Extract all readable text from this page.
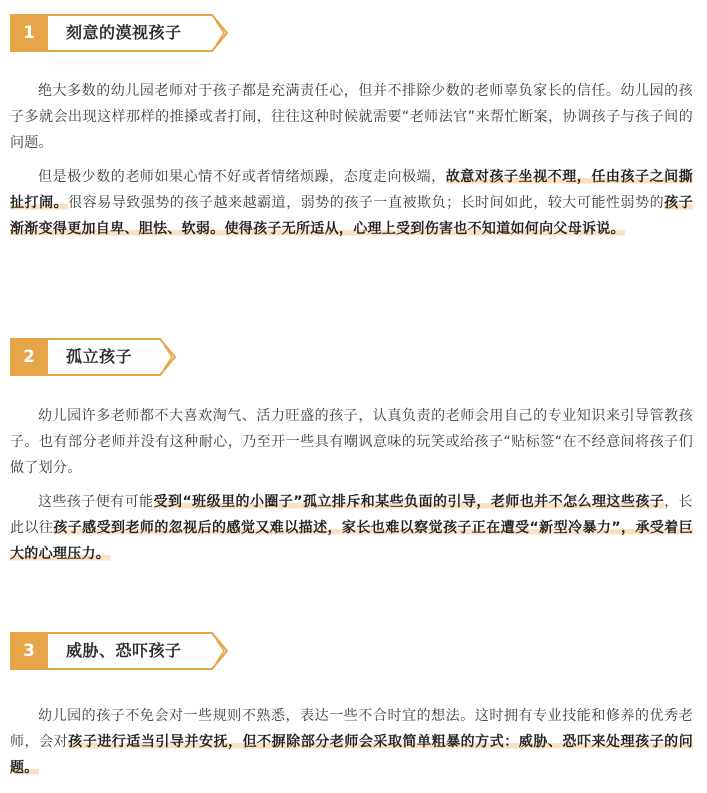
1	刻意的漠视孩子

绝大多数的幼儿园老师对于孩子都是充满责任心，但并不排除少数的老师辜负家长的信任。幼儿园的孩子多就会出现这样那样的推搡或者打闹，往往这种时候就需要“老师法官”来帮忙断案，协调孩子与孩子间的问题。

但是极少数的老师如果心情不好或者情绪烦躁，态度走向极端，故意对孩子坐视不理，任由孩子之间撕扯打闹。很容易导致强势的孩子越来越霸道，弱势的孩子一直被欺负；长时间如此，较大可能性弱势的孩子渐渐变得更加自卑、胆怯、软弱。使得孩子无所适从，心理上受到伤害也不知道如何向父母诉说。

2	孤立孩子

幼儿园许多老师都不大喜欢淘气、活力旺盛的孩子，认真负责的老师会用自己的专业知识来引导管教孩子。也有部分老师并没有这种耐心，乃至开一些具有嘲讽意味的玩笑或给孩子“贴标签“在不经意间将孩子们做了划分。

这些孩子便有可能受到“班级里的小圈子”孤立排斥和某些负面的引导，老师也并不怎么理这些孩子，长此以往孩子感受到老师的忽视后的感觉又难以描述，家长也难以察觉孩子正在遭受“新型冷暴力”，承受着巨大的心理压力。

3	威胁、恐吓孩子

幼儿园的孩子不免会对一些规则不熟悉，表达一些不合时宜的想法。这时拥有专业技能和修养的优秀老师，会对孩子进行适当引导并安抚，但不摒除部分老师会采取简单粗暴的方式：威胁、恐吓来处理孩子的问题。
